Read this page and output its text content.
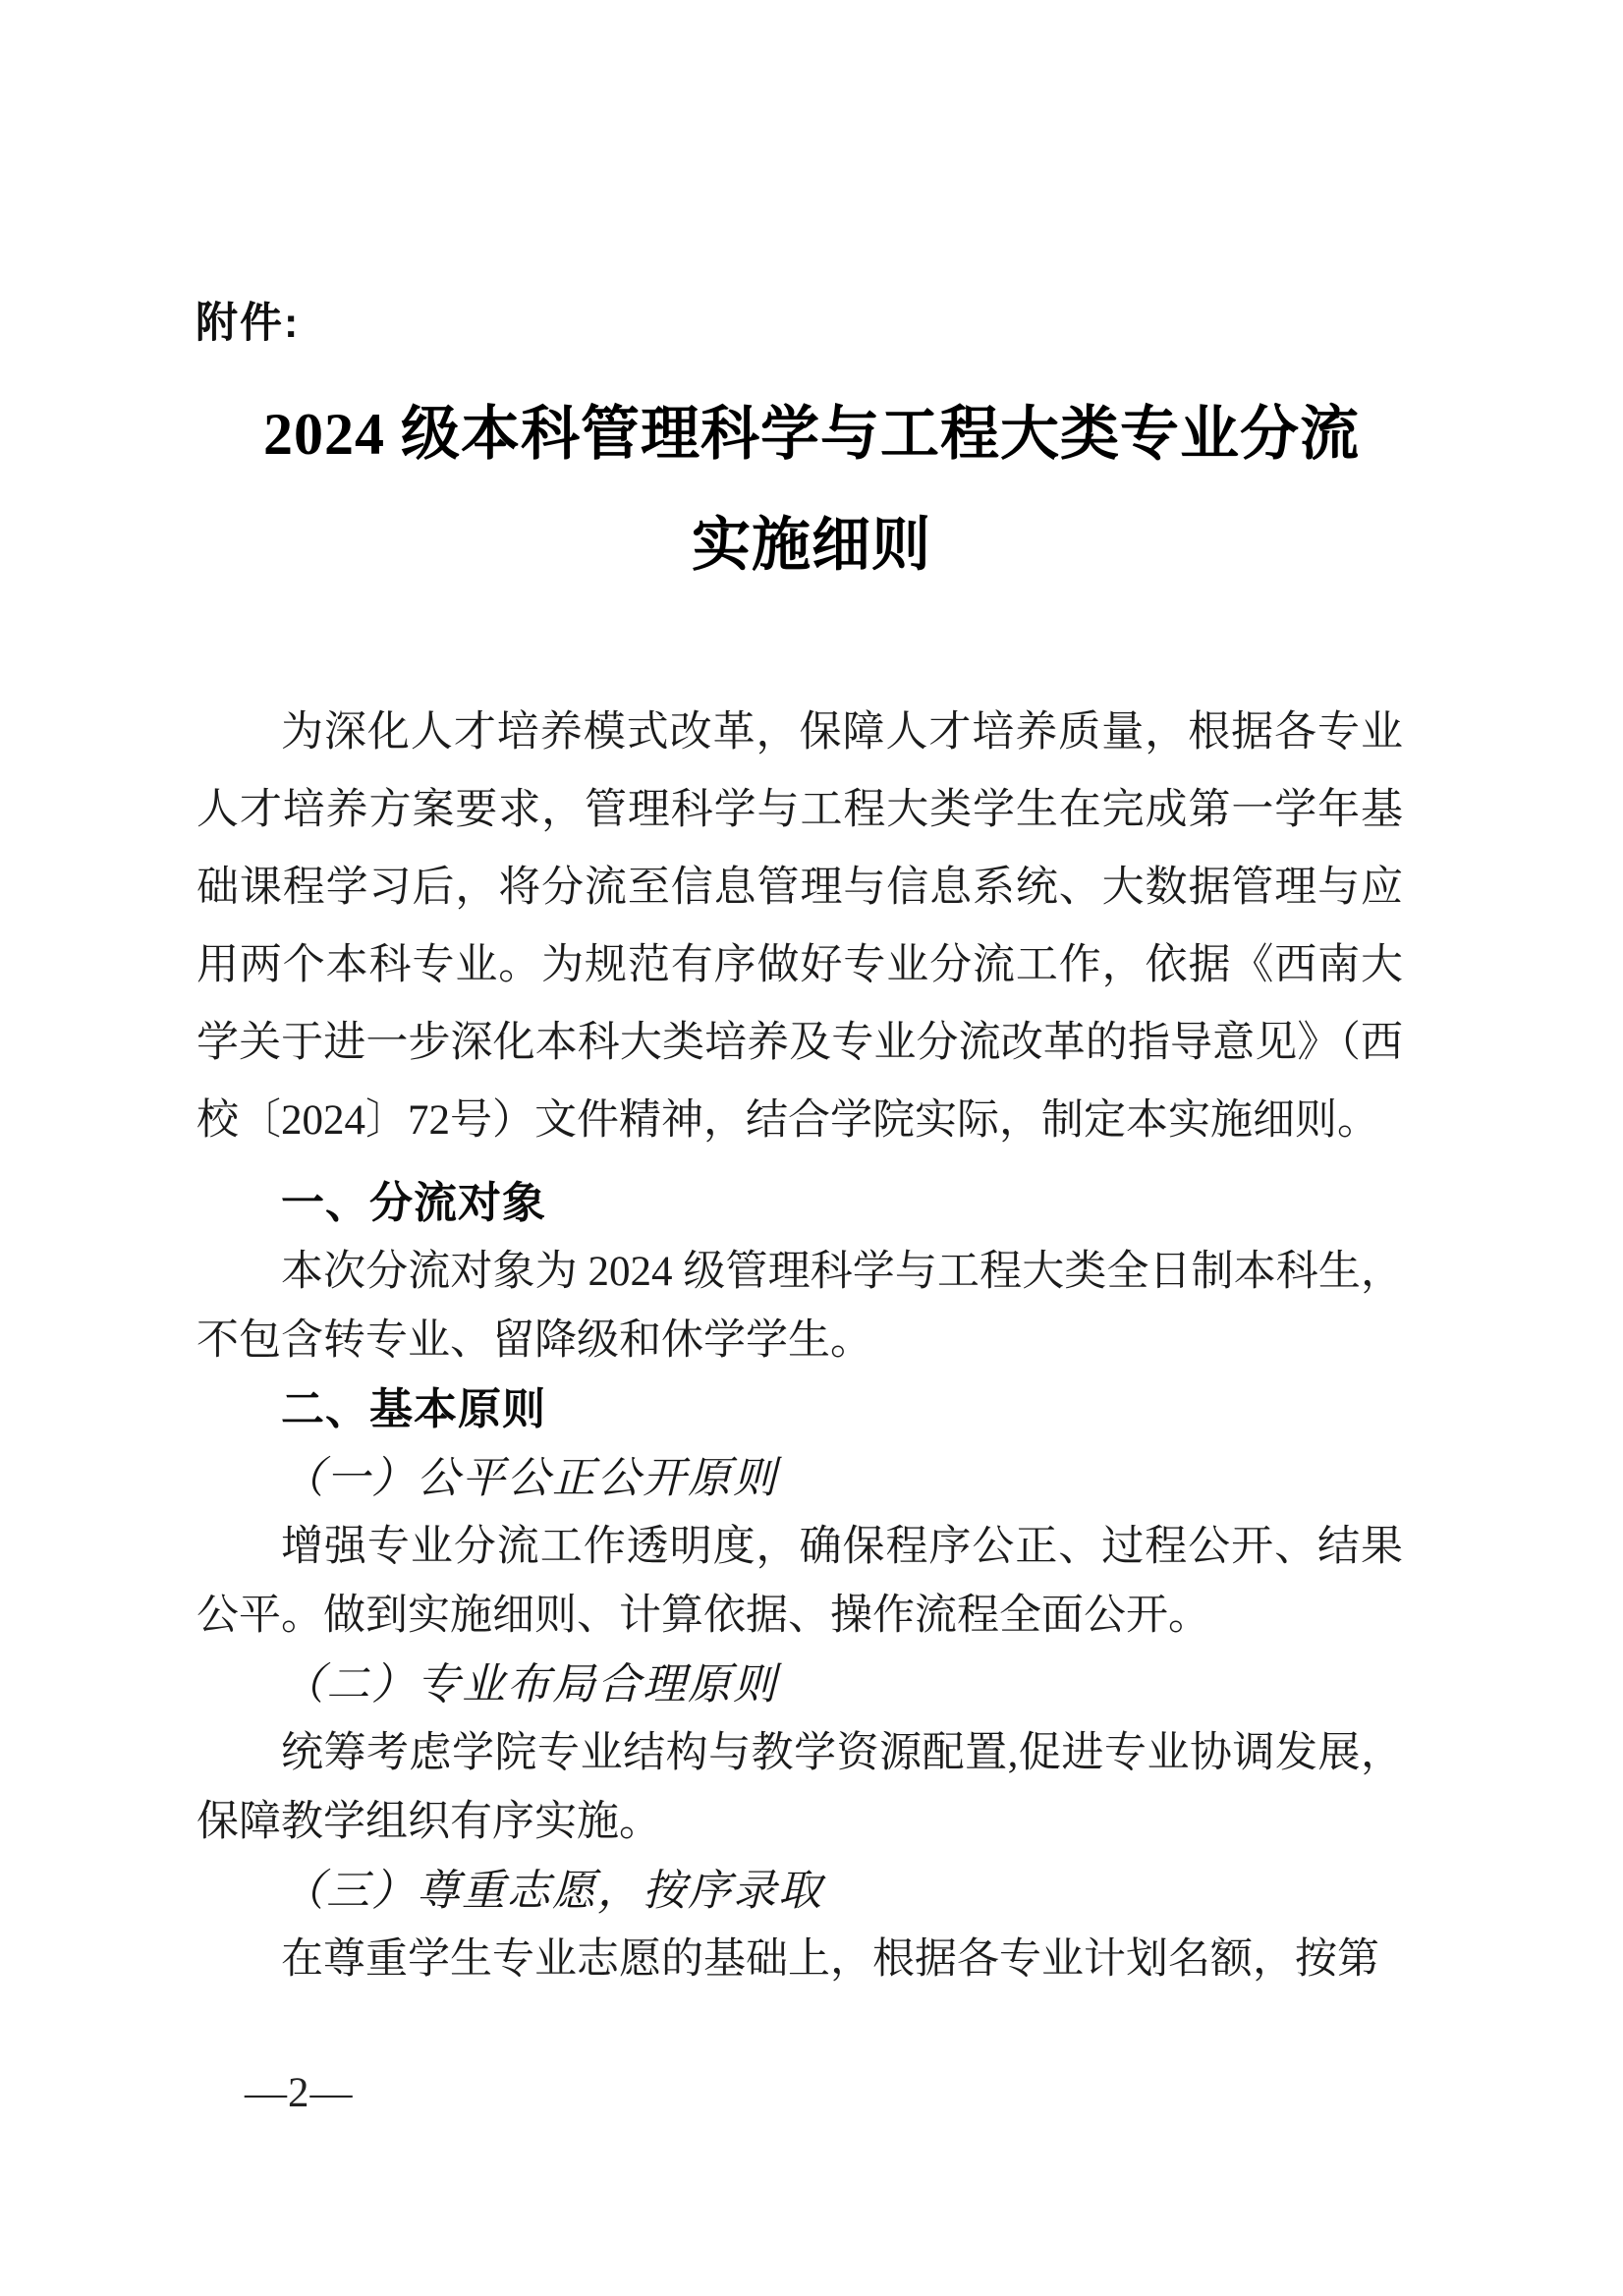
附件:
2024 级本科管理科学与工程大类专业分流
实施细则
为深化人才培养模式改革，保障人才培养质量，根据各专业人才培养方案要求，管理科学与工程大类学生在完成第一学年基础课程学习后，将分流至信息管理与信息系统、大数据管理与应用两个本科专业。为规范有序做好专业分流工作，依据《西南大学关于进一步深化本科大类培养及专业分流改革的指导意见》（西校〔2024〕72号）文件精神，结合学院实际，制定本实施细则。
一、分流对象

本次分流对象为 2024 级管理科学与工程大类全日制本科生，不包含转专业、留降级和休学学生。

二、基本原则
（一）公平公正公开原则

增强专业分流工作透明度，确保程序公正、过程公开、结果公平。做到实施细则、计算依据、操作流程全面公开。

（二）专业布局合理原则

统筹考虑学院专业结构与教学资源配置,促进专业协调发展，保障教学组织有序实施。

（三）尊重志愿，按序录取

在尊重学生专业志愿的基础上，根据各专业计划名额，按第

—2—
